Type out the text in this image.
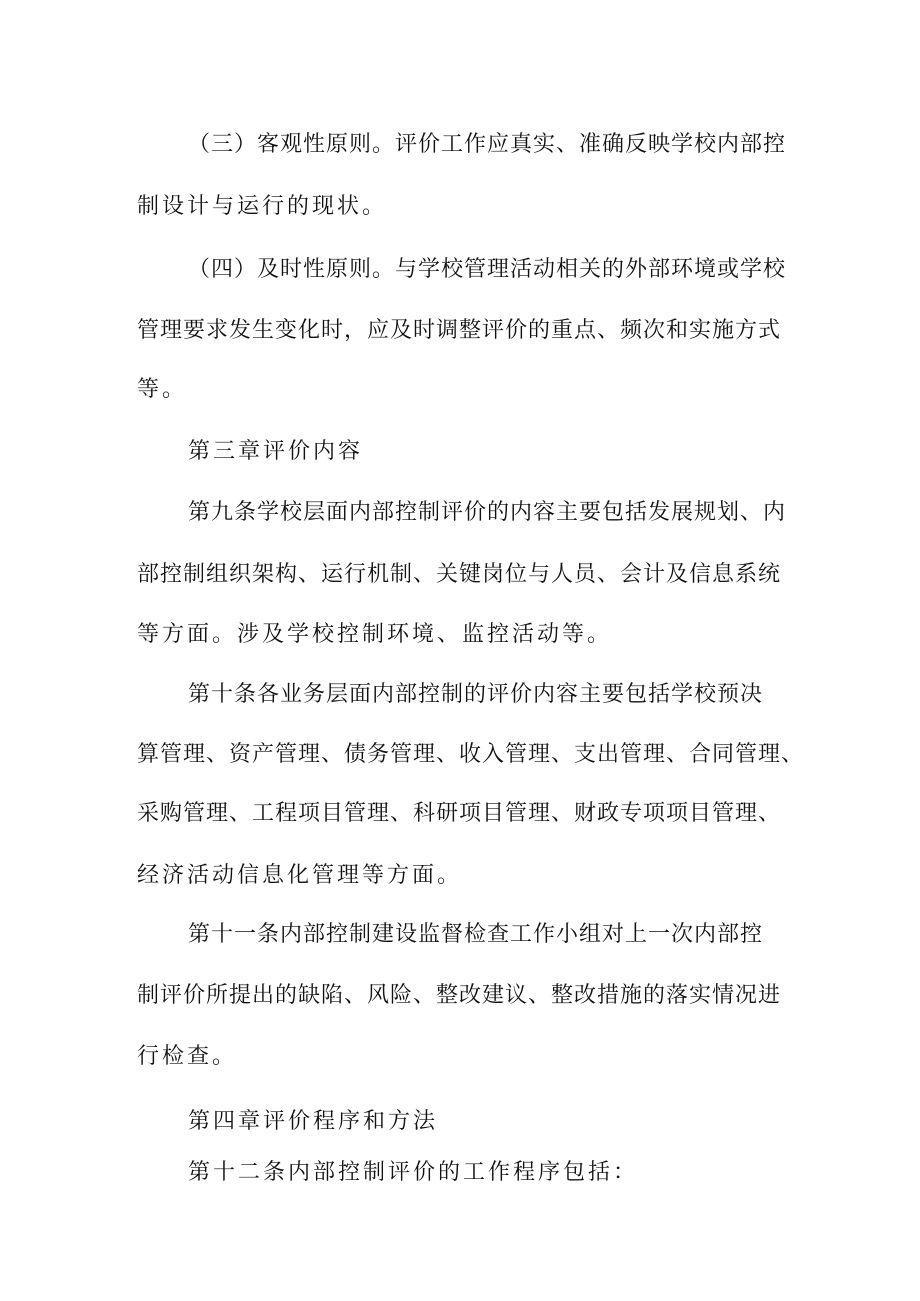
（三）客观性原则。评价工作应真实、准确反映学校内部控
制设计与运行的现状。
（四）及时性原则。与学校管理活动相关的外部环境或学校
管理要求发生变化时，应及时调整评价的重点、频次和实施方式
等。
第三章评价内容
第九条学校层面内部控制评价的内容主要包括发展规划、内
部控制组织架构、运行机制、关键岗位与人员、会计及信息系统
等方面。涉及学校控制环境、监控活动等。
第十条各业务层面内部控制的评价内容主要包括学校预决
算管理、资产管理、债务管理、收入管理、支出管理、合同管理、
采购管理、工程项目管理、科研项目管理、财政专项项目管理、
经济活动信息化管理等方面。
第十一条内部控制建设监督检查工作小组对上一次内部控
制评价所提出的缺陷、风险、整改建议、整改措施的落实情况进
行检查。
第四章评价程序和方法
第十二条内部控制评价的工作程序包括：
